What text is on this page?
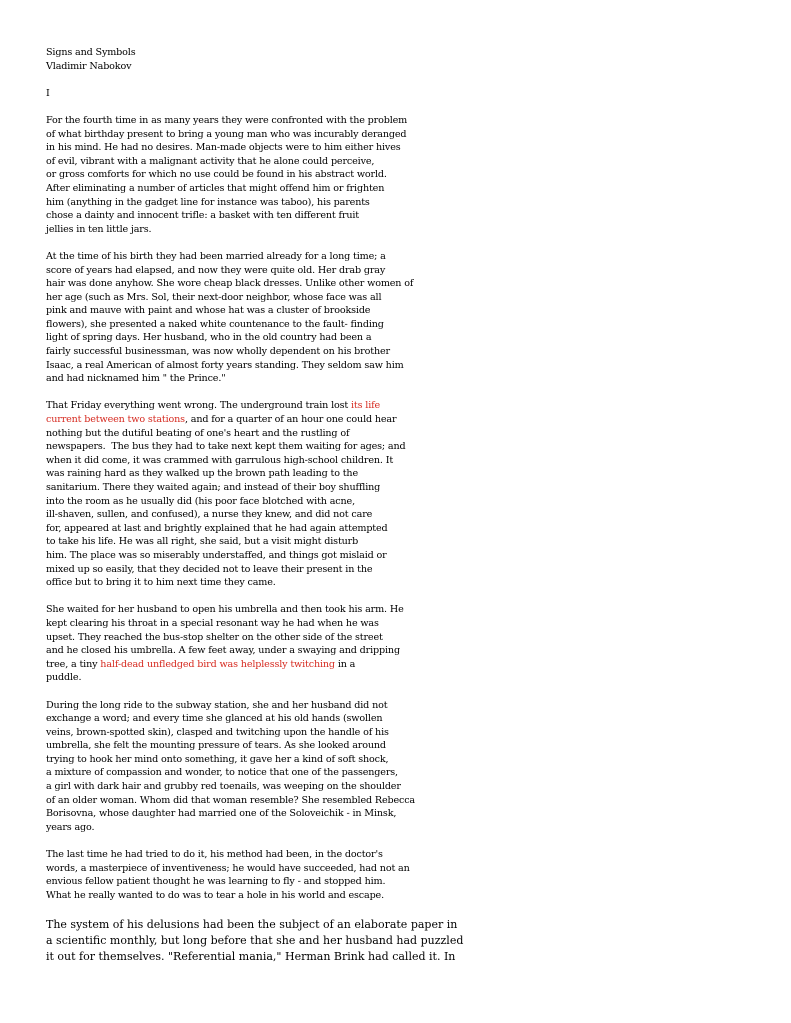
Signs and Symbols
Vladimir Nabokov
I
For the fourth time in as many years they were confronted with the problem
of what birthday present to bring a young man who was incurably deranged
in his mind. He had no desires. Man-made objects were to him either hives
of evil, vibrant with a malignant activity that he alone could perceive,
or gross comforts for which no use could be found in his abstract world.
After eliminating a number of articles that might offend him or frighten
him (anything in the gadget line for instance was taboo), his parents
chose a dainty and innocent trifle: a basket with ten different fruit
jellies in ten little jars.
At the time of his birth they had been married already for a long time; a
score of years had elapsed, and now they were quite old. Her drab gray
hair was done anyhow. She wore cheap black dresses. Unlike other women of
her age (such as Mrs. Sol, their next-door neighbor, whose face was all
pink and mauve with paint and whose hat was a cluster of brookside
flowers), she presented a naked white countenance to the fault- finding
light of spring days. Her husband, who in the old country had been a
fairly successful businessman, was now wholly dependent on his brother
Isaac, a real American of almost forty years standing. They seldom saw him
and had nicknamed him " the Prince."
That Friday everything went wrong. The underground train lost its life
current between two stations, and for a quarter of an hour one could hear
nothing but the dutiful beating of one's heart and the rustling of
newspapers.  The bus they had to take next kept them waiting for ages; and
when it did come, it was crammed with garrulous high-school children. It
was raining hard as they walked up the brown path leading to the
sanitarium. There they waited again; and instead of their boy shuffling
into the room as he usually did (his poor face blotched with acne,
ill-shaven, sullen, and confused), a nurse they knew, and did not care
for, appeared at last and brightly explained that he had again attempted
to take his life. He was all right, she said, but a visit might disturb
him. The place was so miserably understaffed, and things got mislaid or
mixed up so easily, that they decided not to leave their present in the
office but to bring it to him next time they came.
She waited for her husband to open his umbrella and then took his arm. He
kept clearing his throat in a special resonant way he had when he was
upset. They reached the bus-stop shelter on the other side of the street
and he closed his umbrella. A few feet away, under a swaying and dripping
tree, a tiny half-dead unfledged bird was helplessly twitching in a
puddle.
During the long ride to the subway station, she and her husband did not
exchange a word; and every time she glanced at his old hands (swollen
veins, brown-spotted skin), clasped and twitching upon the handle of his
umbrella, she felt the mounting pressure of tears. As she looked around
trying to hook her mind onto something, it gave her a kind of soft shock,
a mixture of compassion and wonder, to notice that one of the passengers,
a girl with dark hair and grubby red toenails, was weeping on the shoulder
of an older woman. Whom did that woman resemble? She resembled Rebecca
Borisovna, whose daughter had married one of the Soloveichik - in Minsk,
years ago.
The last time he had tried to do it, his method had been, in the doctor's
words, a masterpiece of inventiveness; he would have succeeded, had not an
envious fellow patient thought he was learning to fly - and stopped him.
What he really wanted to do was to tear a hole in his world and escape.
The system of his delusions had been the subject of an elaborate paper in
a scientific monthly, but long before that she and her husband had puzzled
it out for themselves. "Referential mania," Herman Brink had called it. In
